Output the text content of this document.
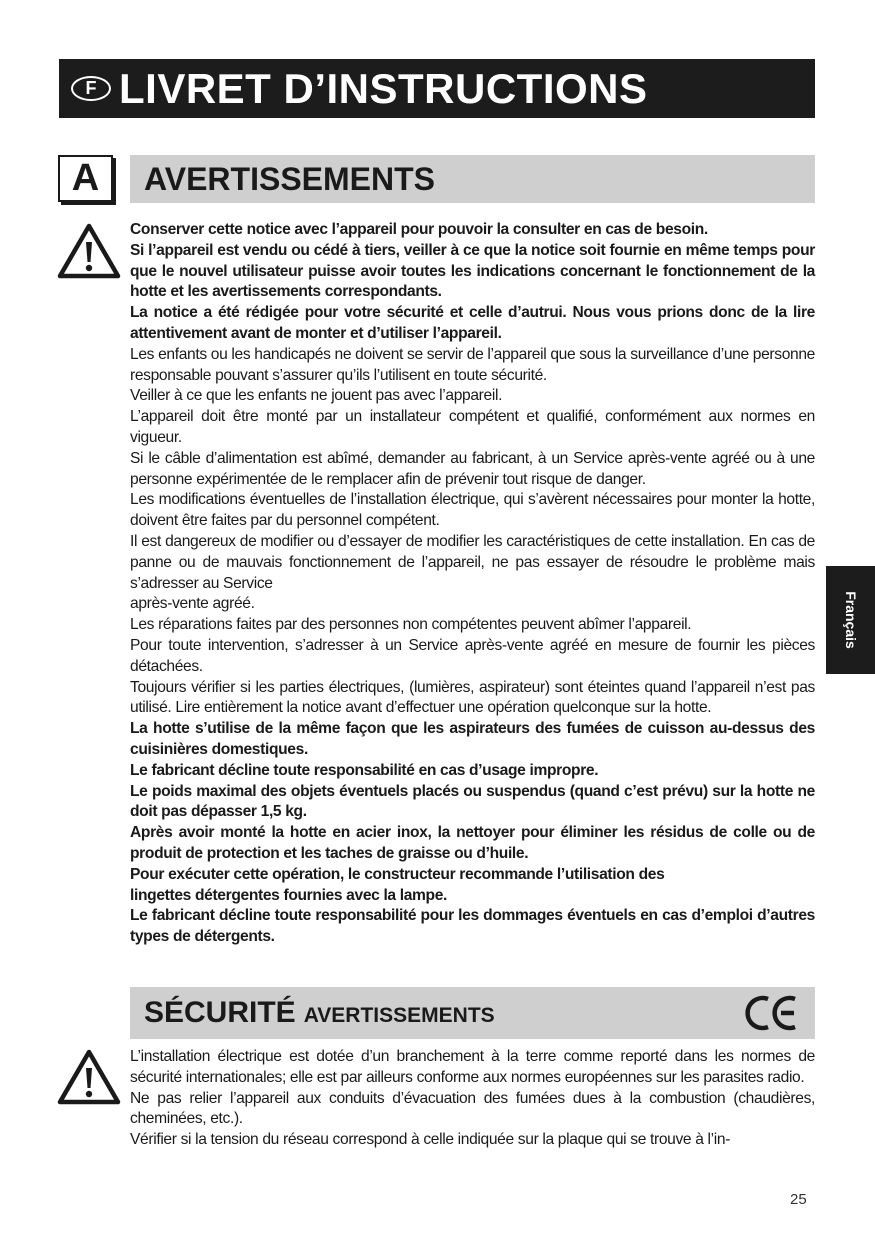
F LIVRET D’INSTRUCTIONS
A	AVERTISSEMENTS

Conserver cette notice avec l’appareil pour pouvoir la consulter en cas de besoin.

Si l’appareil est vendu ou cédé à tiers, veiller à ce que la notice soit fournie en même temps pour que le nouvel utilisateur puisse avoir toutes les indications concernant le fonctionnement de la hotte et les avertissements correspondants.

La notice a été rédigée pour votre sécurité et celle d’autrui. Nous vous prions donc de la lire attentivement avant de monter et d’utiliser l’appareil.

Les enfants ou les handicapés ne doivent se servir de l’appareil que sous la surveillance d’une personne responsable pouvant s’assurer qu’ils l’utilisent en toute sécurité.

Veiller à ce que les enfants ne jouent pas avec l’appareil.

L’appareil doit être monté par un installateur compétent et qualifié, conformément aux normes en vigueur.

Si le câble d’alimentation est abîmé, demander au fabricant, à un Service après-vente agréé ou à une personne expérimentée de le remplacer afin de prévenir tout risque de danger.

Les modifications éventuelles de l’installation électrique, qui s’avèrent nécessaires pour monter la hotte, doivent être faites par du personnel compétent.

Il est dangereux de modifier ou d’essayer de modifier les caractéristiques de cette installation. En cas de panne ou de mauvais fonctionnement de l’appareil, ne pas essayer de résoudre le problème mais s’adresser au Service

après-vente agréé.

Les réparations faites par des personnes non compétentes peuvent abîmer l’appareil.

Pour toute intervention, s’adresser à un Service après-vente agréé en mesure de fournir les pièces détachées.

Toujours vérifier si les parties électriques, (lumières, aspirateur) sont éteintes quand l’appareil n’est pas utilisé. Lire entièrement la notice avant d’effectuer une opération quelconque sur la hotte.

La hotte s’utilise de la même façon que les aspirateurs des fumées de cuisson au-dessus des cuisinières domestiques.

Le fabricant décline toute responsabilité en cas d’usage impropre.

Le poids maximal des objets éventuels placés ou suspendus (quand c’est prévu) sur la hotte ne doit pas dépasser 1,5 kg.

Après avoir monté la hotte en acier inox, la nettoyer pour éliminer les résidus de colle ou de produit de protection et les taches de graisse ou d’huile.

Pour exécuter cette opération, le constructeur recommande l’utilisation des

lingettes détergentes fournies avec la lampe.

Le fabricant décline toute responsabilité pour les dommages éventuels en cas d’emploi d’autres types de détergents.

SÉCURITÉ AVERTISSEMENTS

L’installation électrique est dotée d’un branchement à la terre comme reporté dans les normes de sécurité internationales; elle est par ailleurs conforme aux normes européennes sur les parasites radio.

Ne pas relier l’appareil aux conduits d’évacuation des fumées dues à la combustion (chaudières, cheminées, etc.).

Vérifier si la tension du réseau correspond à celle indiquée sur la plaque qui se trouve à l’in-

Français
25
